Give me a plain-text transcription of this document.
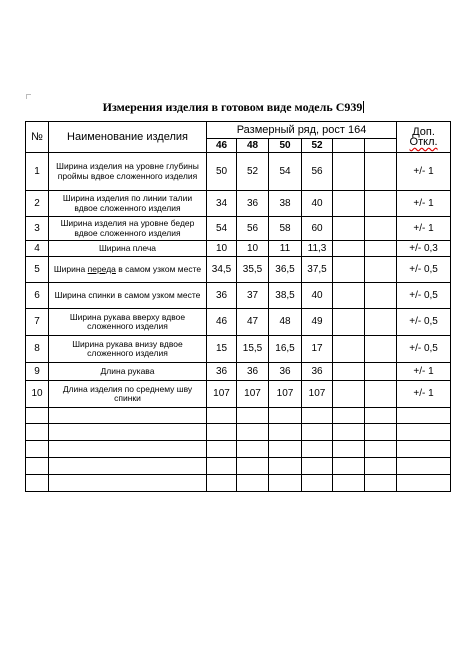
Измерения изделия в готовом виде модель С939
№	Наименование изделия	Размерный ряд, рост 164						Доп.
Откл.
		46	48	50	52			
1	Ширина изделия на уровне глубины проймы вдвое сложенного изделия	50	52	54	56			+/- 1
2	Ширина изделия по линии талии вдвое сложенного изделия	34	36	38	40			+/- 1
3	Ширина изделия на уровне бедер вдвое сложенного изделия	54	56	58	60			+/- 1
4	Ширина плеча	10	10	11	11,3			+/- 0,3
5	Ширина переда в самом узком месте	34,5	35,5	36,5	37,5			+/- 0,5
6	Ширина спинки в самом узком месте	36	37	38,5	40			+/- 0,5
7	Ширина рукава вверху вдвое сложенного изделия	46	47	48	49			+/- 0,5
8	Ширина рукава внизу вдвое сложенного изделия	15	15,5	16,5	17			+/- 0,5
9	Длина рукава	36	36	36	36			+/- 1
10	Длина изделия по среднему шву спинки	107	107	107	107			+/- 1
